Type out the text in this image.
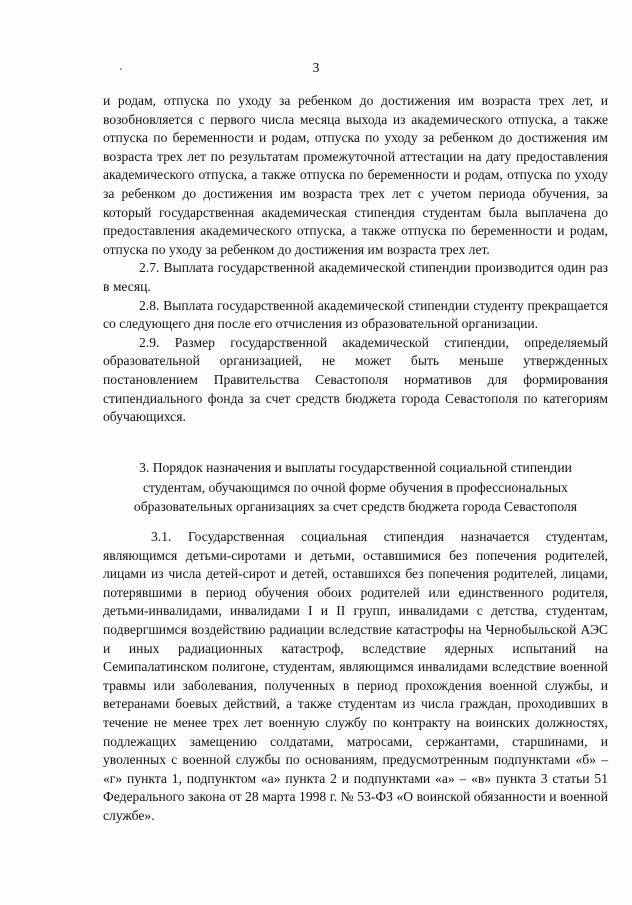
3

и родам, отпуска по уходу за ребенком до достижения им возраста трех лет, и возобновляется с первого числа месяца выхода из академического отпуска, а также отпуска по беременности и родам, отпуска по уходу за ребенком до достижения им возраста трех лет по результатам промежуточной аттестации на дату предоставления академического отпуска, а также отпуска по беременности и родам, отпуска по уходу за ребенком до достижения им возраста трех лет с учетом периода обучения, за который государственная академическая стипендия студентам была выплачена до предоставления академического отпуска, а также отпуска по беременности и родам, отпуска по уходу за ребенком до достижения им возраста трех лет.

2.7. Выплата государственной академической стипендии производится один раз в месяц.

2.8. Выплата государственной академической стипендии студенту прекращается со следующего дня после его отчисления из образовательной организации.

2.9. Размер государственной академической стипендии, определяемый образовательной организацией, не может быть меньше утвержденных постановлением Правительства Севастополя нормативов для формирования стипендиального фонда за счет средств бюджета города Севастополя по категориям обучающихся.

3. Порядок назначения и выплаты государственной социальной стипендии
студентам, обучающимся по очной форме обучения в профессиональных
образовательных организациях за счет средств бюджета города Севастополя

3.1. Государственная социальная стипендия назначается студентам, являющимся детьми-сиротами и детьми, оставшимися без попечения родителей, лицами из числа детей-сирот и детей, оставшихся без попечения родителей, лицами, потерявшими в период обучения обоих родителей или единственного родителя, детьми-инвалидами, инвалидами I и II групп, инвалидами с детства, студентам, подвергшимся воздействию радиации вследствие катастрофы на Чернобыльской АЭС и иных радиационных катастроф, вследствие ядерных испытаний на Семипалатинском полигоне, студентам, являющимся инвалидами вследствие военной травмы или заболевания, полученных в период прохождения военной службы, и ветеранами боевых действий, а также студентам из числа граждан, проходивших в течение не менее трех лет военную службу по контракту на воинских должностях, подлежащих замещению солдатами, матросами, сержантами, старшинами, и уволенных с военной службы по основаниям, предусмотренным подпунктами «б» – «г» пункта 1, подпунктом «а» пункта 2 и подпунктами «а» – «в» пункта 3 статьи 51 Федерального закона от 28 марта 1998 г. № 53-ФЗ «О воинской обязанности и военной службе».
